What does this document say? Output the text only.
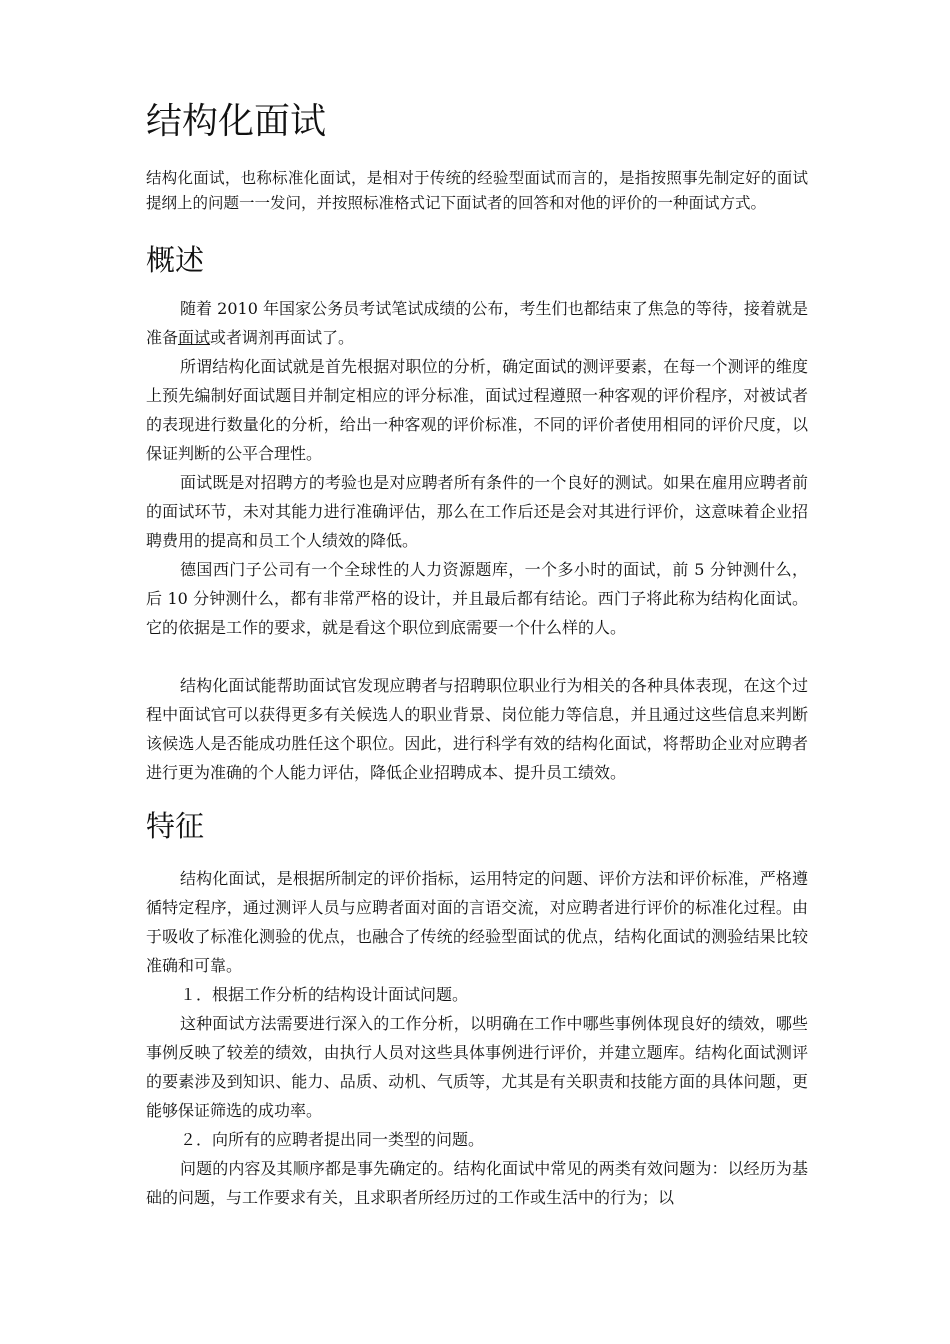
结构化面试

结构化面试，也称标准化面试，是相对于传统的经验型面试而言的，是指按照事先制定好的面试提纲上的问题一一发问，并按照标准格式记下面试者的回答和对他的评价的一种面试方式。

概述

随着 2010 年国家公务员考试笔试成绩的公布，考生们也都结束了焦急的等待，接着就是准备面试或者调剂再面试了。

所谓结构化面试就是首先根据对职位的分析，确定面试的测评要素，在每一个测评的维度上预先编制好面试题目并制定相应的评分标准，面试过程遵照一种客观的评价程序，对被试者的表现进行数量化的分析，给出一种客观的评价标准，不同的评价者使用相同的评价尺度，以保证判断的公平合理性。

面试既是对招聘方的考验也是对应聘者所有条件的一个良好的测试。如果在雇用应聘者前的面试环节，未对其能力进行准确评估，那么在工作后还是会对其进行评价，这意味着企业招聘费用的提高和员工个人绩效的降低。

德国西门子公司有一个全球性的人力资源题库，一个多小时的面试，前 5 分钟测什么，后 10 分钟测什么，都有非常严格的设计，并且最后都有结论。西门子将此称为结构化面试。它的依据是工作的要求，就是看这个职位到底需要一个什么样的人。

结构化面试能帮助面试官发现应聘者与招聘职位职业行为相关的各种具体表现，在这个过程中面试官可以获得更多有关候选人的职业背景、岗位能力等信息，并且通过这些信息来判断该候选人是否能成功胜任这个职位。因此，进行科学有效的结构化面试，将帮助企业对应聘者进行更为准确的个人能力评估，降低企业招聘成本、提升员工绩效。

特征

结构化面试，是根据所制定的评价指标，运用特定的问题、评价方法和评价标准，严格遵循特定程序，通过测评人员与应聘者面对面的言语交流，对应聘者进行评价的标准化过程。由于吸收了标准化测验的优点，也融合了传统的经验型面试的优点，结构化面试的测验结果比较准确和可靠。

１．根据工作分析的结构设计面试问题。

这种面试方法需要进行深入的工作分析，以明确在工作中哪些事例体现良好的绩效，哪些事例反映了较差的绩效，由执行人员对这些具体事例进行评价，并建立题库。结构化面试测评的要素涉及到知识、能力、品质、动机、气质等，尤其是有关职责和技能方面的具体问题，更能够保证筛选的成功率。

２．向所有的应聘者提出同一类型的问题。

问题的内容及其顺序都是事先确定的。结构化面试中常见的两类有效问题为：以经历为基础的问题，与工作要求有关，且求职者所经历过的工作或生活中的行为；以
